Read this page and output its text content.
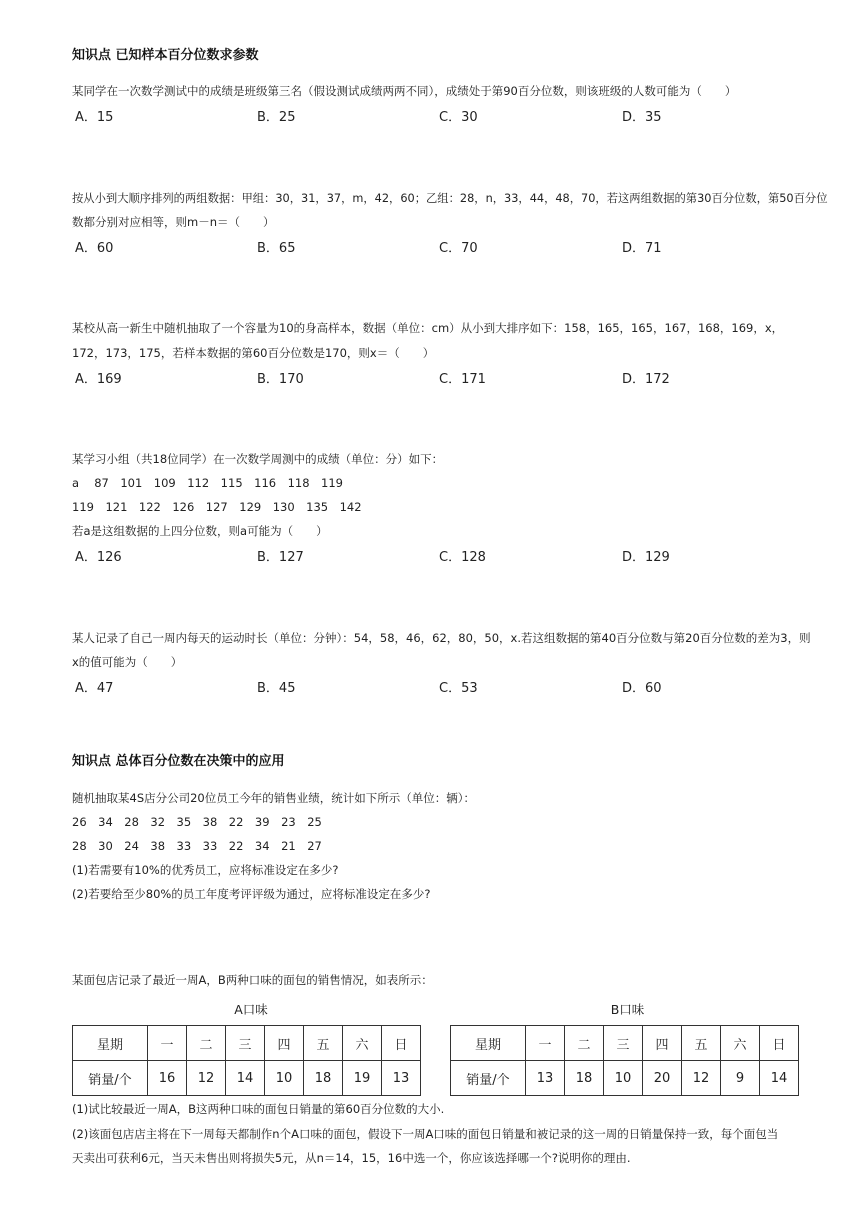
知识点 已知样本百分位数求参数
某同学在一次数学测试中的成绩是班级第三名（假设测试成绩两两不同），成绩处于第90百分位数，则该班级的人数可能为（　　）
A．15	B．25	C．30	D．35
按从小到大顺序排列的两组数据：甲组：30，31，37，m，42，60；乙组：28，n，33，44，48，70，若这两组数据的第30百分位数，第50百分位
数都分别对应相等，则m－n＝（　　）
A．60	B．65	C．70	D．71
某校从高一新生中随机抽取了一个容量为10的身高样本，数据（单位：cm）从小到大排序如下：158，165，165，167，168，169，x，
172，173，175，若样本数据的第60百分位数是170，则x＝（　　）
A．169	B．170	C．171	D．172
某学习小组（共18位同学）在一次数学周测中的成绩（单位：分）如下：
a　 87　101　109　112　115　116　118　119
119　121　122　126　127　129　130　135　142
若a是这组数据的上四分位数，则a可能为（　　）
A．126	B．127	C．128	D．129
某人记录了自己一周内每天的运动时长（单位：分钟）：54，58，46，62，80，50，x.若这组数据的第40百分位数与第20百分位数的差为3，则
x的值可能为（　　）
A．47	B．45	C．53	D．60
知识点 总体百分位数在决策中的应用
随机抽取某4S店分公司20位员工今年的销售业绩，统计如下所示（单位：辆）：
26　34　28　32　35　38　22　39　23　25
28　30　24　38　33　33　22　34　21　27
(1)若需要有10%的优秀员工，应将标准设定在多少?
(2)若要给至少80%的员工年度考评评级为通过，应将标准设定在多少?
某面包店记录了最近一周A，B两种口味的面包的销售情况，如表所示：
A口味	B口味
星期	一	二	三	四	五	六	日
销量/个	16	12	14	10	18	19	13
星期	一	二	三	四	五	六	日
销量/个	13	18	10	20	12	9	14
(1)试比较最近一周A，B这两种口味的面包日销量的第60百分位数的大小.
(2)该面包店店主将在下一周每天都制作n个A口味的面包，假设下一周A口味的面包日销量和被记录的这一周的日销量保持一致，每个面包当
天卖出可获利6元，当天未售出则将损失5元，从n＝14，15，16中选一个，你应该选择哪一个?说明你的理由.
